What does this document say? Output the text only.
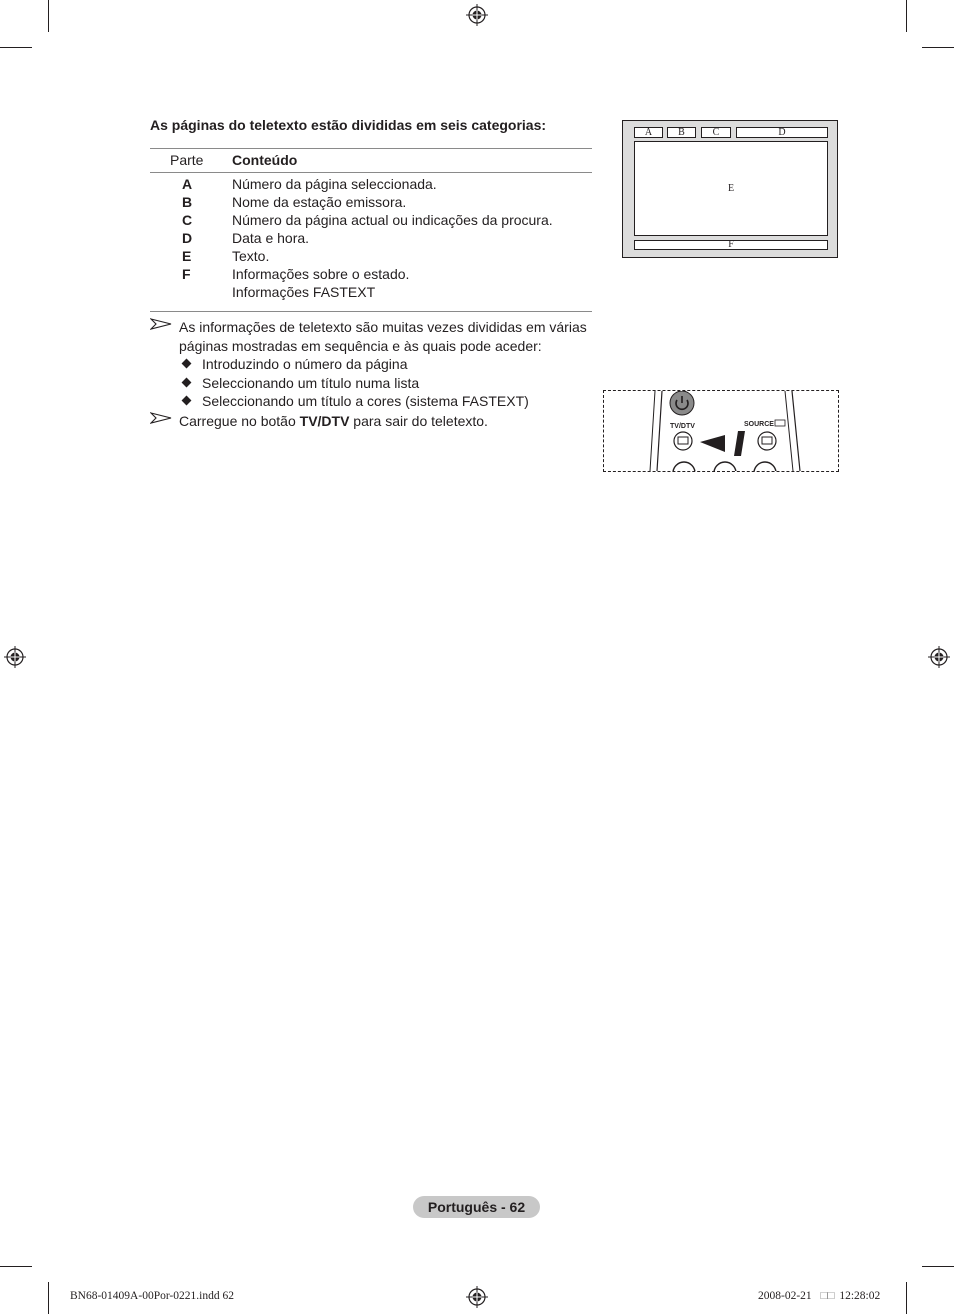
As páginas do teletexto estão divididas em seis categorias:
Parte Conteúdo
A	Número da página seleccionada.
B	Nome da estação emissora.
C	Número da página actual ou indicações da procura.
D	Data e hora.
E	Texto.
F	Informações sobre o estado.
Informações FASTEXT
As informações de teletexto são muitas vezes divididas em várias páginas mostradas em sequência e às quais pode aceder:
Introduzindo o número da página
Seleccionando um título numa lista
Seleccionando um título a cores (sistema FASTEXT)
Carregue no botão TV/DTV para sair do teletexto.
A	B	C	D
E
F
TV/DTV	SOURCE
Português - 62
BN68-01409A-00Por-0221.indd 62	2008-02-21 □□ 12:28:02
